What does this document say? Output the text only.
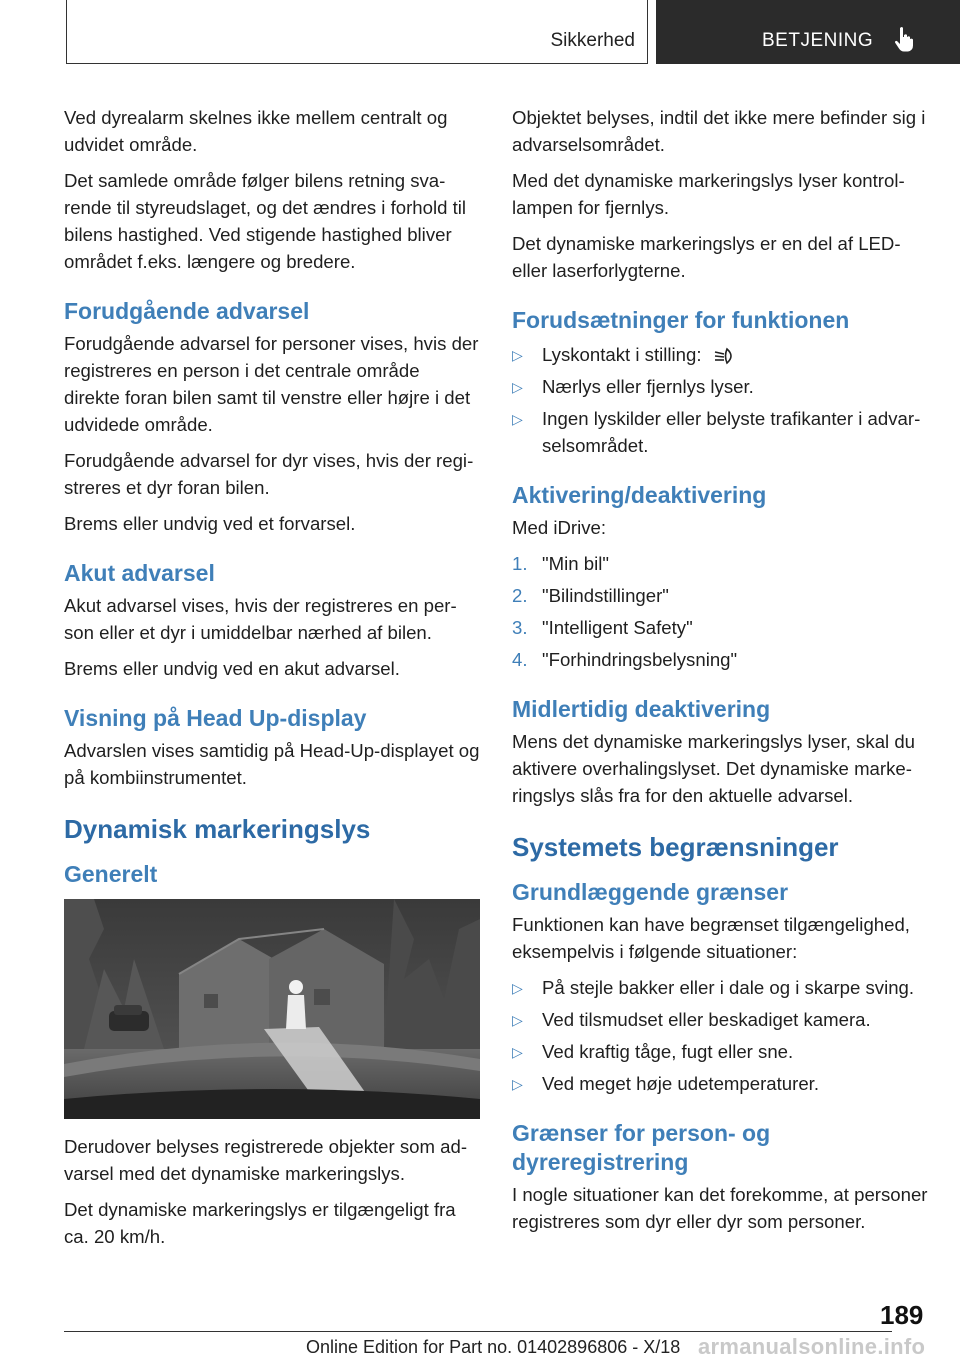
Sikkerhed	BETJENING

Ved dyrealarm skelnes ikke mellem centralt og udvidet område.

Det samlede område følger bilens retning svarende til styreudslaget, og det ændres i forhold til bilens hastighed. Ved stigende hastighed bliver området f.eks. længere og bredere.

Forudgående advarsel

Forudgående advarsel for personer vises, hvis der registreres en person i det centrale område direkte foran bilen samt til venstre eller højre i det udvidede område.

Forudgående advarsel for dyr vises, hvis der registreres et dyr foran bilen.

Brems eller undvig ved et forvarsel.

Akut advarsel

Akut advarsel vises, hvis der registreres en person eller et dyr i umiddelbar nærhed af bilen.

Brems eller undvig ved en akut advarsel.

Visning på Head Up-display

Advarslen vises samtidig på Head-Up-displayet og på kombiinstrumentet.

Dynamisk markeringslys
Generelt

Derudover belyses registrerede objekter som advarsel med det dynamiske markeringslys.

Det dynamiske markeringslys er tilgængeligt fra ca. 20 km/h.

Objektet belyses, indtil det ikke mere befinder sig i advarselsområdet.

Med det dynamiske markeringslys lyser kontrollampen for fjernlys.

Det dynamiske markeringslys er en del af LED- eller laserforlygterne.

Forudsætninger for funktionen
▷ Lyskontakt i stilling:
▷ Nærlys eller fjernlys lyser.
▷ Ingen lyskilder eller belyste trafikanter i advarselsområdet.
Aktivering/deaktivering

Med iDrive:

1. "Min bil"
2. "Bilindstillinger"
3. "Intelligent Safety"
4. "Forhindringsbelysning"
Midlertidig deaktivering

Mens det dynamiske markeringslys lyser, skal du aktivere overhalingslyset. Det dynamiske markeringslys slås fra for den aktuelle advarsel.

Systemets begrænsninger
Grundlæggende grænser

Funktionen kan have begrænset tilgængelighed, eksempelvis i følgende situationer:

▷ På stejle bakker eller i dale og i skarpe sving.
▷ Ved tilsmudset eller beskadiget kamera.
▷ Ved kraftig tåge, fugt eller sne.
▷ Ved meget høje udetemperaturer.
Grænser for person- og dyreregistrering

I nogle situationer kan det forekomme, at personer registreres som dyr eller dyr som personer.

189
Online Edition for Part no. 01402896806 - X/18 armanualsonline.info
